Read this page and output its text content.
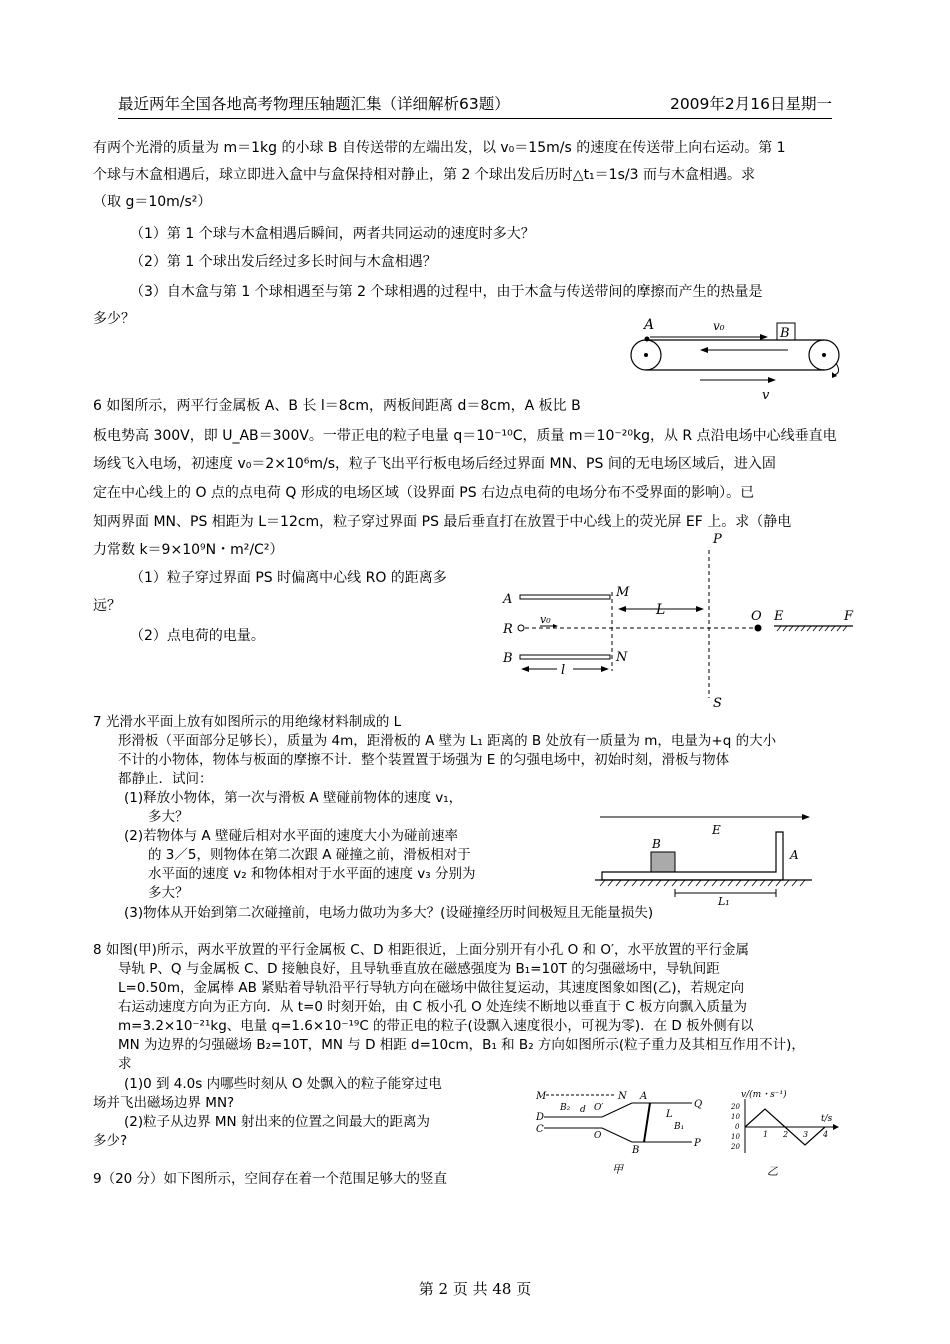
最近两年全国各地高考物理压轴题汇集（详细解析63题）	2009年2月16日星期一
有两个光滑的质量为 m＝1kg 的小球 B 自传送带的左端出发，以 v₀＝15m/s 的速度在传送带上向右运动。第 1
个球与木盒相遇后，球立即进入盒中与盒保持相对静止，第 2 个球出发后历时△t₁＝1s/3 而与木盒相遇。求
（取 g＝10m/s²）
（1）第 1 个球与木盒相遇后瞬间，两者共同运动的速度时多大？
（2）第 1 个球出发后经过多长时间与木盒相遇？
（3）自木盒与第 1 个球相遇至与第 2 个球相遇的过程中，由于木盒与传送带间的摩擦而产生的热量是
多少？	A	v₀	B
v
6 如图所示，两平行金属板 A、B 长 l＝8cm，两板间距离 d＝8cm，A 板比 B
板电势高 300V，即 U_AB＝300V。一带正电的粒子电量 q＝10⁻¹⁰C，质量 m＝10⁻²⁰kg，从 R 点沿电场中心线垂直电
场线飞入电场，初速度 v₀＝2×10⁶m/s，粒子飞出平行板电场后经过界面 MN、PS 间的无电场区域后，进入固
定在中心线上的 O 点的点电荷 Q 形成的电场区域（设界面 PS 右边点电荷的电场分布不受界面的影响）。已
知两界面 MN、PS 相距为 L＝12cm，粒子穿过界面 PS 最后垂直打在放置于中心线上的荧光屏 EF 上。求（静电
力常数 k＝9×10⁹N・m²/C²）
（1）粒子穿过界面 PS 时偏离中心线 RO 的距离多
远？
（2）点电荷的电量。
P
A	M
L
R
v₀	O E	F
B	N
l
S
7 光滑水平面上放有如图所示的用绝缘材料制成的 L
形滑板（平面部分足够长），质量为 4m，距滑板的 A 壁为 L₁ 距离的 B 处放有一质量为 m，电量为+q 的大小
不计的小物体，物体与板面的摩擦不计．整个装置置于场强为 E 的匀强电场中，初始时刻，滑板与物体
都静止．试问：
(1)释放小物体，第一次与滑板 A 壁碰前物体的速度 v₁，
多大？
(2)若物体与 A 壁碰后相对水平面的速度大小为碰前速率
的 3／5，则物体在第二次跟 A 碰撞之前，滑板相对于
水平面的速度 v₂ 和物体相对于水平面的速度 v₃ 分别为
多大？
(3)物体从开始到第二次碰撞前，电场力做功为多大？(设碰撞经历时间极短且无能量损失)
E
B
A
L₁
8 如图(甲)所示，两水平放置的平行金属板 C、D 相距很近，上面分别开有小孔 O 和 O′，水平放置的平行金属
导轨 P、Q 与金属板 C、D 接触良好，且导轨垂直放在磁感强度为 B₁=10T 的匀强磁场中，导轨间距
L=0.50m，金属棒 AB 紧贴着导轨沿平行导轨方向在磁场中做往复运动，其速度图象如图(乙)，若规定向
右运动速度方向为正方向．从 t=0 时刻开始，由 C 板小孔 O 处连续不断地以垂直于 C 板方向飘入质量为
m=3.2×10⁻²¹kg、电量 q=1.6×10⁻¹⁹C 的带正电的粒子(设飘入速度很小，可视为零)．在 D 板外侧有以
MN 为边界的匀强磁场 B₂=10T，MN 与 D 相距 d=10cm，B₁ 和 B₂ 方向如图所示(粒子重力及其相互作用不计)，
求
(1)0 到 4.0s 内哪些时刻从 O 处飘入的粒子能穿过电
场并飞出磁场边界 MN?
(2)粒子从边界 MN 射出来的位置之间最大的距离为
多少?
M	N
B₂ d O′
D
C
O
A
B
L
Q
B₁
P
甲
v/(m・s⁻¹)
t/s
20
10
0
10
20
1 2 3 4
乙
9（20 分）如下图所示，空间存在着一个范围足够大的竖直
第 2 页 共 48 页
